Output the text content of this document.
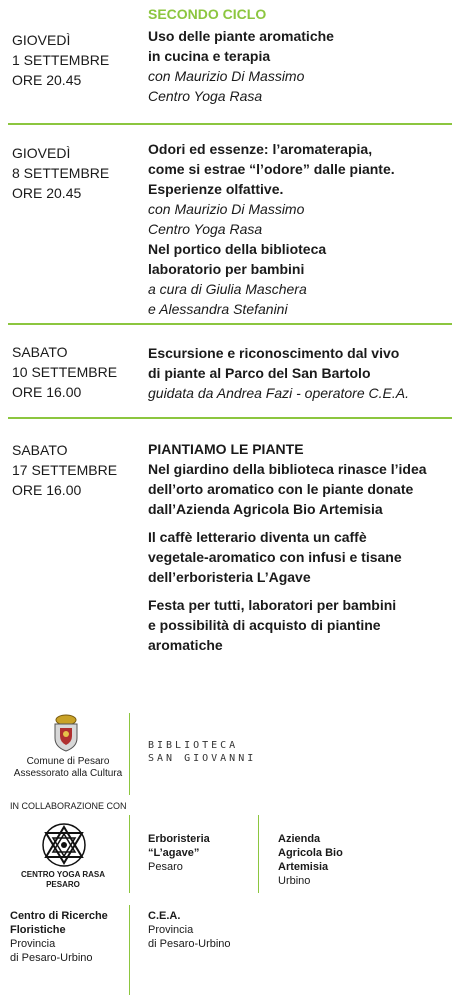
SECONDO CICLO
GIOVEDÌ
1 SETTEMBRE
ORE 20.45
Uso delle piante aromatiche
in cucina e terapia
con Maurizio Di Massimo
Centro Yoga Rasa
GIOVEDÌ
8 SETTEMBRE
ORE 20.45
Odori ed essenze: l’aromaterapia,
come si estrae “l’odore” dalle piante.
Esperienze olfattive.
con Maurizio Di Massimo
Centro Yoga Rasa
Nel portico della biblioteca
laboratorio per bambini
a cura di Giulia Maschera
e Alessandra Stefanini
SABATO
10 SETTEMBRE
ORE 16.00
Escursione e riconoscimento dal vivo
di piante al Parco del San Bartolo
guidata da Andrea Fazi - operatore C.E.A.
SABATO
17 SETTEMBRE
ORE 16.00
PIANTIAMO LE PIANTE
Nel giardino della biblioteca rinasce l’idea
dell’orto aromatico con le piante donate
dall’Azienda Agricola Bio Artemisia
Il caffè letterario diventa un caffè
vegetale-aromatico con infusi e tisane
dell’erboristeria L’Agave
Festa per tutti, laboratori per bambini
e possibilità di acquisto di piantine
aromatiche
Comune di Pesaro
Assessorato alla Cultura
BIBLIOTECA
SAN GIOVANNI
IN COLLABORAZIONE CON
CENTRO YOGA RASA
PESARO
Erboristeria
“L’agave”
Pesaro
Azienda
Agricola Bio
Artemisia
Urbino
Centro di Ricerche
Floristiche
Provincia
di Pesaro-Urbino
C.E.A.
Provincia
di Pesaro-Urbino
